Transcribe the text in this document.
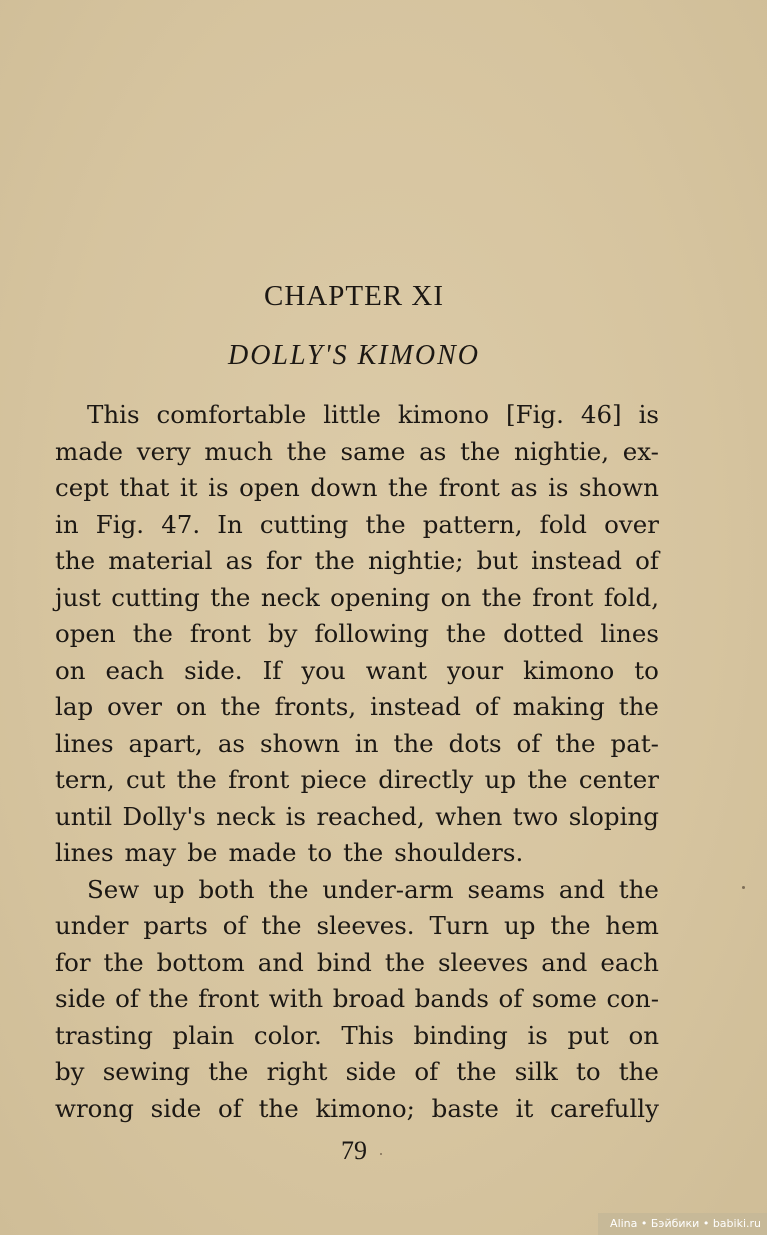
CHAPTER XI
DOLLY'S KIMONO
This comfortable little kimono [Fig. 46] is
made very much the same as the nightie, ex-
cept that it is open down the front as is shown
in Fig. 47. In cutting the pattern, fold over
the material as for the nightie; but instead of
just cutting the neck opening on the front fold,
open the front by following the dotted lines
on each side. If you want your kimono to
lap over on the fronts, instead of making the
lines apart, as shown in the dots of the pat-
tern, cut the front piece directly up the center
until Dolly's neck is reached, when two sloping
lines may be made to the shoulders.
Sew up both the under-arm seams and the
under parts of the sleeves. Turn up the hem
for the bottom and bind the sleeves and each
side of the front with broad bands of some con-
trasting plain color. This binding is put on
by sewing the right side of the silk to the
wrong side of the kimono; baste it carefully
79
Alina • Бэйбики • babiki.ru
